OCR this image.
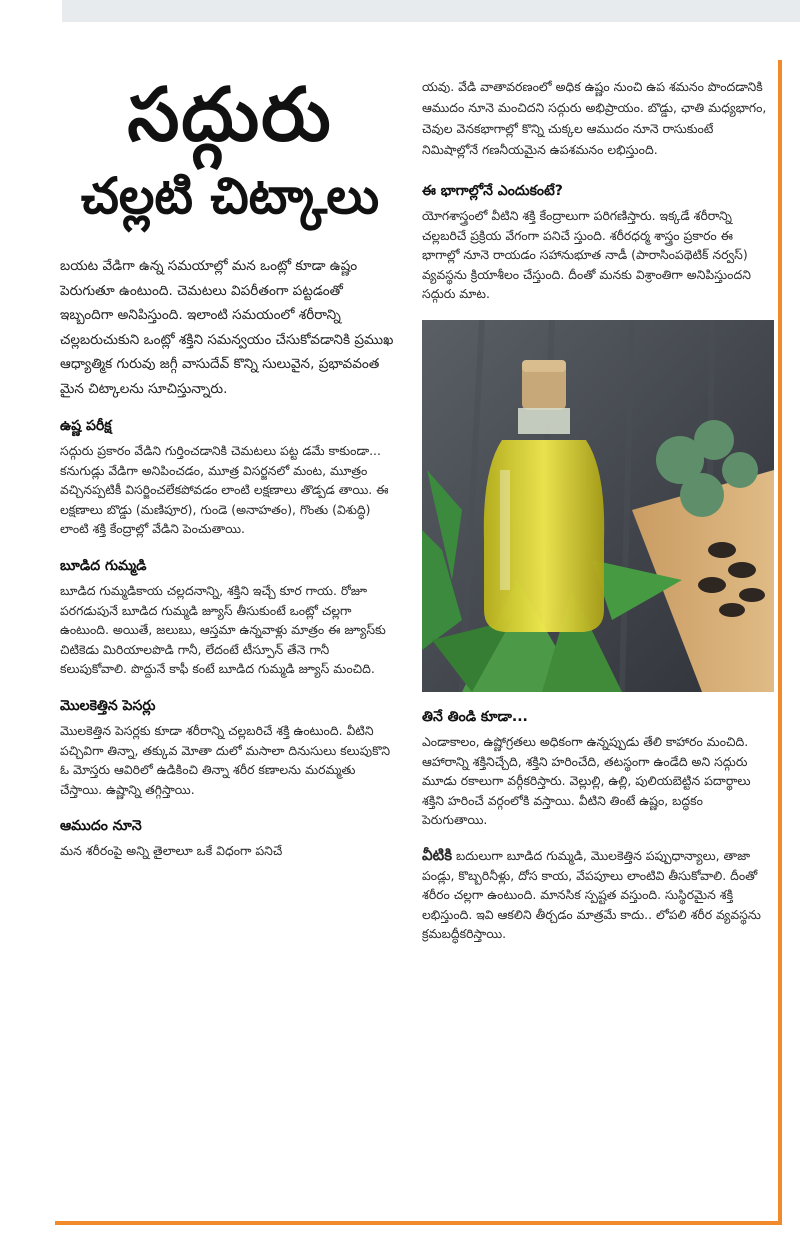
సద్గురు
చల్లటి చిట్కాలు

బయట వేడిగా ఉన్న సమయాల్లో మన ఒంట్లో కూడా ఉష్ణం పెరుగుతూ ఉంటుంది. చెమటలు విపరీతంగా పట్టడంతో ఇబ్బందిగా అనిపిస్తుంది. ఇలాంటి సమయంలో శరీరాన్ని చల్లబరుచుకుని ఒంట్లో శక్తిని సమన్వయం చేసుకోవడానికి ప్రముఖ ఆధ్యాత్మిక గురువు జగ్గీ వాసుదేవ్ కొన్ని సులువైన, ప్రభావవంత మైన చిట్కాలను సూచిస్తున్నారు.

ఉష్ణ పరీక్ష

సద్గురు ప్రకారం వేడిని గుర్తించడానికి చెమటలు పట్ట డమే కాకుండా... కనుగుడ్లు వేడిగా అనిపించడం, మూత్ర విసర్జనలో మంట, మూత్రం వచ్చినప్పటికీ విసర్జించలేకపోవడం లాంటి లక్షణాలు తొడ్పడ తాయి. ఈ లక్షణాలు బొడ్డు (మణిపూర), గుండె (అనాహతం), గొంతు (విశుద్ధి) లాంటి శక్తి కేంద్రాల్లో వేడిని పెంచుతాయి.

బూడిద గుమ్మడి

బూడిద గుమ్మడికాయ చల్లదనాన్ని, శక్తిని ఇచ్చే కూర గాయ. రోజూ పరగడుపునే బూడిద గుమ్మడి జ్యూస్ తీసుకుంటే ఒంట్లో చల్లగా ఉంటుంది. అయితే, జలుబు, ఆస్తమా ఉన్నవాళ్లు మాత్రం ఈ జ్యూస్‌కు చిటికెడు మిరియాలపొడి గానీ, లేదంటే టీస్పూన్ తేనె గానీ కలుపుకోవాలి. పొద్దునే కాఫీ కంటే బూడిద గుమ్మడి జ్యూస్ మంచిది.

మొలకెత్తిన పెసర్లు

మొలకెత్తిన పెసర్లకు కూడా శరీరాన్ని చల్లబరిచే శక్తి ఉంటుంది. వీటిని పచ్చివిగా తిన్నా, తక్కువ మోతా దులో మసాలా దినుసులు కలుపుకొని ఓ మోస్తరు ఆవిరిలో ఉడికించి తిన్నా శరీర కణాలను మరమ్మతు చేస్తాయి. ఉష్ణాన్ని తగ్గిస్తాయి.

ఆముదం నూనె

మన శరీరంపై అన్ని తైలాలూ ఒకే విధంగా పనిచే

యవు. వేడి వాతావరణంలో అధిక ఉష్ణం నుంచి ఉప శమనం పొందడానికి ఆముదం నూనె మంచిదని సద్గురు అభిప్రాయం. బొడ్డు, ఛాతి మధ్యభాగం, చెవుల వెనకభాగాల్లో కొన్ని చుక్కల ఆముదం నూనె రాసుకుంటే నిమిషాల్లోనే గణనీయమైన ఉపశమనం లభిస్తుంది.

ఈ భాగాల్లోనే ఎందుకంటే?

యోగశాస్త్రంలో వీటిని శక్తి కేంద్రాలుగా పరిగణిస్తారు. ఇక్కడే శరీరాన్ని చల్లబరిచే ప్రక్రియ వేగంగా పనిచే స్తుంది. శరీరధర్మ శాస్త్రం ప్రకారం ఈ భాగాల్లో నూనె రాయడం సహానుభూత నాడీ (పారాసింపథెటిక్ నర్వస్) వ్యవస్థను క్రియాశీలం చేస్తుంది. దీంతో మనకు విశ్రాంతిగా అనిపిస్తుందని సద్గురు మాట.

తినే తిండి కూడా...

ఎండాకాలం, ఉష్ణోగ్రతలు అధికంగా ఉన్నప్పుడు తేలి కాహారం మంచిది. ఆహారాన్ని శక్తినిచ్చేది, శక్తిని హరించేది, తటస్థంగా ఉండేది అని సద్గురు మూడు రకాలుగా వర్గీకరిస్తారు. వెల్లుల్లి, ఉల్లి, పులియబెట్టిన పదార్థాలు శక్తిని హరించే వర్గంలోకి వస్తాయి. వీటిని తింటే ఉష్ణం, బద్ధకం పెరుగుతాయి.

వీటికి బదులుగా బూడిద గుమ్మడి, మొలకెత్తిన పప్పుధాన్యాలు, తాజా పండ్లు, కొబ్బరినీళ్లు, దోస కాయ, వేపపూలు లాంటివి తీసుకోవాలి. దీంతో శరీరం చల్లగా ఉంటుంది. మానసిక స్పష్టత వస్తుంది. సుస్థిరమైన శక్తి లభిస్తుంది. ఇవి ఆకలిని తీర్చడం మాత్రమే కాదు.. లోపలి శరీర వ్యవస్థను క్రమబద్ధీకరిస్తాయి.
